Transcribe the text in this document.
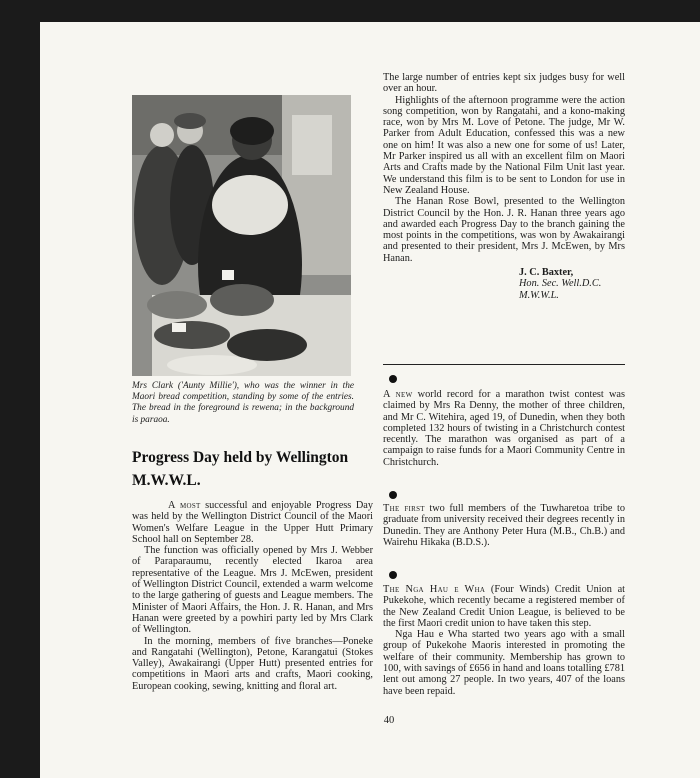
Mrs Clark ('Aunty Millie'), who was the winner in the Maori bread competition, standing by some of the entries. The bread in the foreground is rewena; in the background is paraoa.
Progress Day held by Wellington M.W.W.L.

A most successful and enjoyable Progress Day was held by the Wellington District Council of the Maori Women's Welfare League in the Upper Hutt Primary School hall on September 28.

The function was officially opened by Mrs J. Webber of Paraparaumu, recently elected Ikaroa area representative of the League. Mrs J. McEwen, president of Wellington District Council, extended a warm welcome to the large gathering of guests and League members. The Minister of Maori Affairs, the Hon. J. R. Hanan, and Mrs Hanan were greeted by a powhiri party led by Mrs Clark of Wellington.

In the morning, members of five branches—Poneke and Rangatahi (Wellington), Petone, Karangatui (Stokes Valley), Awakairangi (Upper Hutt) presented entries for competitions in Maori arts and crafts, Maori cooking, European cooking, sewing, knitting and floral art.

The large number of entries kept six judges busy for well over an hour.

Highlights of the afternoon programme were the action song competition, won by Rangatahi, and a kono-making race, won by Mrs M. Love of Petone. The judge, Mr W. Parker from Adult Education, confessed this was a new one on him! It was also a new one for some of us! Later, Mr Parker inspired us all with an excellent film on Maori Arts and Crafts made by the National Film Unit last year. We understand this film is to be sent to London for use in New Zealand House.

The Hanan Rose Bowl, presented to the Wellington District Council by the Hon. J. R. Hanan three years ago and awarded each Progress Day to the branch gaining the most points in the competitions, was won by Awakairangi and presented to their president, Mrs J. McEwen, by Mrs Hanan.

J. C. Baxter,
Hon. Sec. Well.D.C.
M.W.W.L.

A new world record for a marathon twist contest was claimed by Mrs Ra Denny, the mother of three children, and Mr C. Witehira, aged 19, of Dunedin, when they both completed 132 hours of twisting in a Christchurch contest recently. The marathon was organised as part of a campaign to raise funds for a Maori Community Centre in Christchurch.

The first two full members of the Tuwharetoa tribe to graduate from university received their degrees recently in Dunedin. They are Anthony Peter Hura (M.B., Ch.B.) and Wairehu Hikaka (B.D.S.).

The Nga Hau e Wha (Four Winds) Credit Union at Pukekohe, which recently became a registered member of the New Zealand Credit Union League, is believed to be the first Maori credit union to have taken this step.

Nga Hau e Wha started two years ago with a small group of Pukekohe Maoris interested in promoting the welfare of their community. Membership has grown to 100, with savings of £656 in hand and loans totalling £781 lent out among 27 people. In two years, 407 of the loans have been repaid.

40
